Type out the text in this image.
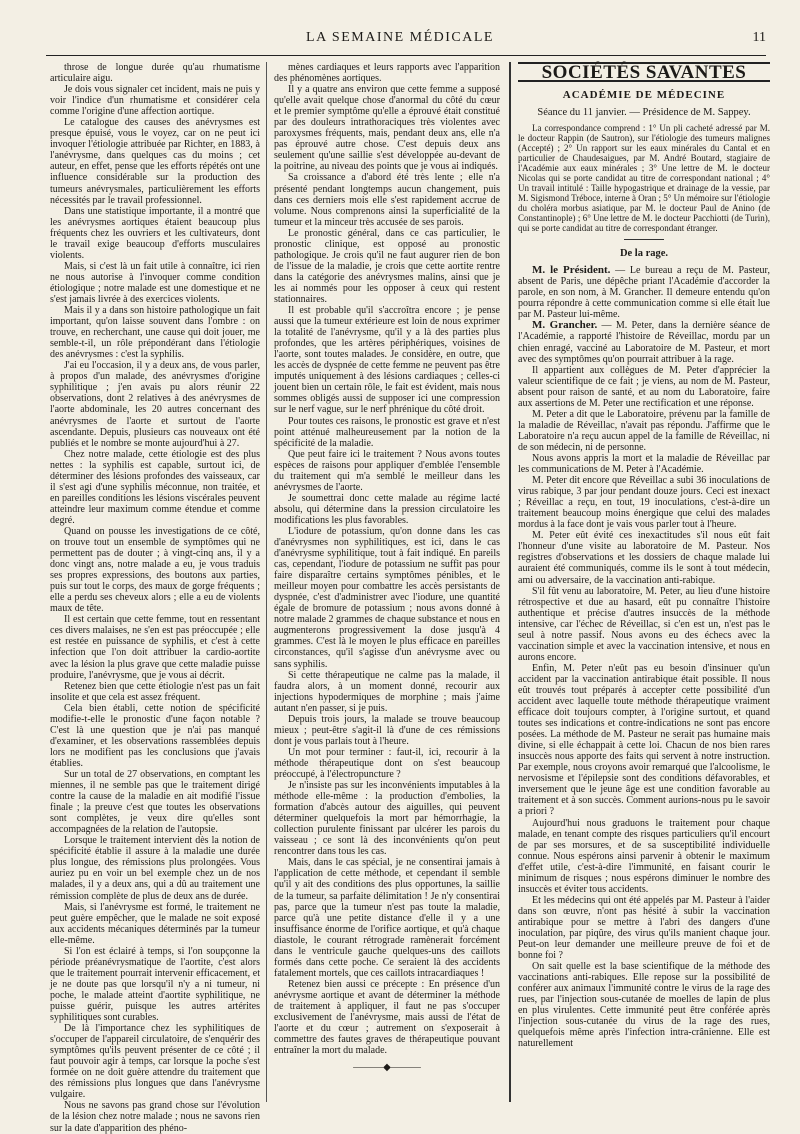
LA SEMAINE MÉDICALE	11

throse de longue durée qu'au rhumatisme articulaire aigu.

Je dois vous signaler cet incident, mais ne puis y voir l'indice d'un rhumatisme et considérer cela comme l'origine d'une affection aortique.

Le catalogue des causes des anévrysmes est presque épuisé, vous le voyez, car on ne peut ici invoquer l'étiologie attribuée par Richter, en 1883, à l'anévrysme, dans quelques cas du moins ; cet auteur, en effet, pense que les efforts répétés ont une influence considérable sur la production des tumeurs anévrysmales, particulièrement les efforts nécessités par le travail professionnel.

Dans une statistique importante, il a montré que les anévrysmes aortiques étaient beaucoup plus fréquents chez les ouvriers et les cultivateurs, dont le travail exige beaucoup d'efforts musculaires violents.

Mais, si c'est là un fait utile à connaître, ici rien ne nous autorise à l'invoquer comme condition étiologique ; notre malade est une domestique et ne s'est jamais livrée à des exercices violents.

Mais il y a dans son histoire pathologique un fait important, qu'on laisse souvent dans l'ombre : on trouve, en recherchant, une cause qui doit jouer, me semble-t-il, un rôle prépondérant dans l'étiologie des anévrysmes : c'est la syphilis.

J'ai eu l'occasion, il y a deux ans, de vous parler, à propos d'un malade, des anévrysmes d'origine syphilitique ; j'en avais pu alors réunir 22 observations, dont 2 relatives à des anévrysmes de l'aorte abdominale, les 20 autres concernant des anévrysmes de l'aorte et surtout de l'aorte ascendante. Depuis, plusieurs cas nouveaux ont été publiés et le nombre se monte aujourd'hui à 27.

Chez notre malade, cette étiologie est des plus nettes : la syphilis est capable, surtout ici, de déterminer des lésions profondes des vaisseaux, car il s'est agi d'une syphilis méconnue, non traitée, et en pareilles conditions les lésions viscérales peuvent atteindre leur maximum comme étendue et comme degré.

Quand on pousse les investigations de ce côté, on trouve tout un ensemble de symptômes qui ne permettent pas de douter ; à vingt-cinq ans, il y a donc vingt ans, notre malade a eu, je vous traduis ses propres expressions, des boutons aux parties, puis sur tout le corps, des maux de gorge fréquents ; elle a perdu ses cheveux alors ; elle a eu de violents maux de tête.

Il est certain que cette femme, tout en ressentant ces divers malaises, ne s'en est pas préoccupée ; elle est restée en puissance de syphilis, et c'est à cette infection que l'on doit attribuer la cardio-aortite avec la lésion la plus grave que cette maladie puisse produire, l'anévrysme, que je vous ai décrit.

Retenez bien que cette étiologie n'est pas un fait insolite et que cela est assez fréquent.

Cela bien établi, cette notion de spécificité modifie-t-elle le pronostic d'une façon notable ? C'est là une question que je n'ai pas manqué d'examiner, et les observations rassemblées depuis lors ne modifient pas les conclusions que j'avais établies.

Sur un total de 27 observations, en comptant les miennes, il ne semble pas que le traitement dirigé contre la cause de la maladie en ait modifié l'issue finale ; la preuve c'est que toutes les observations sont complètes, je veux dire qu'elles sont accompagnées de la relation de l'autopsie.

Lorsque le traitement intervient dès la notion de spécificité établie il assure à la maladie une durée plus longue, des rémissions plus prolongées. Vous auriez pu en voir un bel exemple chez un de nos malades, il y a deux ans, qui a dû au traitement une rémission complète de plus de deux ans de durée.

Mais, si l'anévrysme est formé, le traitement ne peut guère empêcher, que le malade ne soit exposé aux accidents mécaniques déterminés par la tumeur elle-même.

Si l'on est éclairé à temps, si l'on soupçonne la période préanévrysmatique de l'aortite, c'est alors que le traitement pourrait intervenir efficacement, et je ne doute pas que lorsqu'il n'y a ni tumeur, ni poche, le malade atteint d'aortite syphilitique, ne puisse guérir, puisque les autres artérites syphilitiques sont curables.

De là l'importance chez les syphilitiques de s'occuper de l'appareil circulatoire, de s'enquérir des symptômes qu'ils peuvent présenter de ce côté ; il faut pouvoir agir à temps, car lorsque la poche s'est formée on ne doit guère attendre du traitement que des rémissions plus longues que dans l'anévrysme vulgaire.

Nous ne savons pas grand chose sur l'évolution de la lésion chez notre malade ; nous ne savons rien sur la date d'apparition des phéno-

mènes cardiaques et leurs rapports avec l'apparition des phénomènes aortiques.

Il y a quatre ans environ que cette femme a supposé qu'elle avait quelque chose d'anormal du côté du cœur et le premier symptôme qu'elle a éprouvé était constitué par des douleurs intrathoraciques très violentes avec paroxysmes fréquents, mais, pendant deux ans, elle n'a pas éprouvé autre chose. C'est depuis deux ans seulement qu'une saillie s'est développée au-devant de la poitrine, au niveau des points que je vous ai indiqués.

Sa croissance a d'abord été très lente ; elle n'a présenté pendant longtemps aucun changement, puis dans ces derniers mois elle s'est rapidement accrue de volume. Nous comprenons ainsi la superficialité de la tumeur et la minceur très accusée de ses parois.

Le pronostic général, dans ce cas particulier, le pronostic clinique, est opposé au pronostic pathologique. Je crois qu'il ne faut augurer rien de bon de l'issue de la maladie, je crois que cette aortite rentre dans la catégorie des anévrysmes malins, ainsi que je les ai nommés pour les opposer à ceux qui restent stationnaires.

Il est probable qu'il s'accroîtra encore ; je pense aussi que la tumeur extérieure est loin de nous exprimer la totalité de l'anévrysme, qu'il y a là des parties plus profondes, que les artères périphériques, voisines de l'aorte, sont toutes malades. Je considère, en outre, que les accès de dyspnée de cette femme ne peuvent pas être imputés uniquement à des lésions cardiaques ; celles-ci jouent bien un certain rôle, le fait est évident, mais nous sommes obligés aussi de supposer ici une compression sur le nerf vague, sur le nerf phrénique du côté droit.

Pour toutes ces raisons, le pronostic est grave et n'est point atténué malheureusement par la notion de la spécificité de la maladie.

Que peut faire ici le traitement ? Nous avons toutes espèces de raisons pour appliquer d'emblée l'ensemble du traitement qui m'a semblé le meilleur dans les anévrysmes de l'aorte.

Je soumettrai donc cette malade au régime lacté absolu, qui détermine dans la pression circulatoire les modifications les plus favorables.

L'iodure de potassium, qu'on donne dans les cas d'anévrysmes non syphilitiques, est ici, dans le cas d'anévrysme syphilitique, tout à fait indiqué. En pareils cas, cependant, l'iodure de potassium ne suffit pas pour faire disparaître certains symptômes pénibles, et le meilleur moyen pour combattre les accès persistants de dyspnée, c'est d'administrer avec l'iodure, une quantité égale de bromure de potassium ; nous avons donné à notre malade 2 grammes de chaque substance et nous en augmenterons progressivement la dose jusqu'à 4 grammes. C'est là le moyen le plus efficace en pareilles circonstances, qu'il s'agisse d'un anévrysme avec ou sans syphilis.

Si cette thérapeutique ne calme pas la malade, il faudra alors, à un moment donné, recourir aux injections hypodermiques de morphine ; mais j'aime autant n'en passer, si je puis.

Depuis trois jours, la malade se trouve beaucoup mieux ; peut-être s'agit-il là d'une de ces rémissions dont je vous parlais tout à l'heure.

Un mot pour terminer : faut-il, ici, recourir à la méthode thérapeutique dont on s'est beaucoup préoccupé, à l'électropuncture ?

Je n'insiste pas sur les inconvénients imputables à la méthode elle-même : la production d'embolies, la formation d'abcès autour des aiguilles, qui peuvent déterminer quelquefois la mort par hémorrhagie, la collection purulente finissant par ulcérer les parois du vaisseau ; ce sont là des inconvénients qu'on peut rencontrer dans tous les cas.

Mais, dans le cas spécial, je ne consentirai jamais à l'application de cette méthode, et cependant il semble qu'il y ait des conditions des plus opportunes, la saillie de la tumeur, sa parfaite délimitation ! Je n'y consentirai pas, parce que la tumeur n'est pas toute la maladie, parce qu'à une petite distance d'elle il y a une insuffisance énorme de l'orifice aortique, et qu'à chaque diastole, le courant rétrograde ramènerait forcément dans le ventricule gauche quelques-uns des caillots formés dans cette poche. Ce seraient là des accidents fatalement mortels, que ces caillots intracardiaques !

Retenez bien aussi ce précepte : En présence d'un anévrysme aortique et avant de déterminer la méthode de traitement à appliquer, il faut ne pas s'occuper exclusivement de l'anévrysme, mais aussi de l'état de l'aorte et du cœur ; autrement on s'exposerait à commettre des fautes graves de thérapeutique pouvant entraîner la mort du malade.

———◆———
SOCIÉTÉS SAVANTES
ACADÉMIE DE MÉDECINE
Séance du 11 janvier. — Présidence de M. Sappey.

La correspondance comprend : 1° Un pli cacheté adressé par M. le docteur Rappin (de Sautron), sur l'étiologie des tumeurs malignes (Accepté) ; 2° Un rapport sur les eaux minérales du Cantal et en particulier de Chaudesaigues, par M. André Boutard, stagiaire de l'Académie aux eaux minérales ; 3° Une lettre de M. le docteur Nicolas qui se porte candidat au titre de correspondant national ; 4° Un travail intitulé : Taille hypogastrique et drainage de la vessie, par M. Sigismond Tréboce, interne à Oran ; 5° Un mémoire sur l'étiologie du choléra morbus asiatique, par M. le docteur Paul de Anino (de Constantinople) ; 6° Une lettre de M. le docteur Pacchiotti (de Turin), qui se porte candidat au titre de correspondant étranger.

De la rage.

M. le Président. — Le bureau a reçu de M. Pasteur, absent de Paris, une dépêche priant l'Académie d'accorder la parole, en son nom, à M. Grancher. Il demeure entendu qu'on pourra répondre à cette communication comme si elle était lue par M. Pasteur lui-même.

M. Grancher. — M. Peter, dans la dernière séance de l'Académie, a rapporté l'histoire de Réveillac, mordu par un chien enragé, vacciné au Laboratoire de M. Pasteur, et mort avec des symptômes qu'on pourrait attribuer à la rage.

Il appartient aux collègues de M. Peter d'apprécier la valeur scientifique de ce fait ; je viens, au nom de M. Pasteur, absent pour raison de santé, et au nom du Laboratoire, faire aux assertions de M. Peter une rectification et une réponse.

M. Peter a dit que le Laboratoire, prévenu par la famille de la maladie de Réveillac, n'avait pas répondu. J'affirme que le Laboratoire n'a reçu aucun appel de la famille de Réveillac, ni de son médecin, ni de personne.

Nous avons appris la mort et la maladie de Réveillac par les communications de M. Peter à l'Académie.

M. Peter dit encore que Réveillac a subi 36 inoculations de virus rabique, 3 par jour pendant douze jours. Ceci est inexact ; Réveillac a reçu, en tout, 19 inoculations, c'est-à-dire un traitement beaucoup moins énergique que celui des malades mordus à la face dont je vais vous parler tout à l'heure.

M. Peter eût évité ces inexactitudes s'il nous eût fait l'honneur d'une visite au laboratoire de M. Pasteur. Nos registres d'observations et les dossiers de chaque malade lui auraient été communiqués, comme ils le sont à tout médecin, ami ou adversaire, de la vaccination anti-rabique.

S'il fût venu au laboratoire, M. Peter, au lieu d'une histoire rétrospective et due au hasard, eût pu connaître l'histoire authentique et précise d'autres insuccès de la méthode intensive, car l'échec de Réveillac, si c'en est un, n'est pas le seul à notre passif. Nous avons eu des échecs avec la vaccination simple et avec la vaccination intensive, et nous en aurons encore.

Enfin, M. Peter n'eût pas eu besoin d'insinuer qu'un accident par la vaccination antirabique était possible. Il nous eût trouvés tout préparés à accepter cette possibilité d'un accident avec laquelle toute méthode thérapeutique vraiment efficace doit toujours compter, à l'origine surtout, et quand toutes ses indications et contre-indications ne sont pas encore posées. La méthode de M. Pasteur ne serait pas humaine mais divine, si elle échappait à cette loi. Chacun de nos bien rares insuccès nous apporte des faits qui servent à notre instruction. Par exemple, nous croyons avoir remarqué que l'alcoolisme, le nervosisme et l'épilepsie sont des conditions défavorables, et inversement que le jeune âge est une condition favorable au traitement et à son succès. Comment aurions-nous pu le savoir a priori ?

Aujourd'hui nous graduons le traitement pour chaque malade, en tenant compte des risques particuliers qu'il encourt de par ses morsures, et de sa susceptibilité individuelle connue. Nous espérons ainsi parvenir à obtenir le maximum d'effet utile, c'est-à-dire l'immunité, en faisant courir le minimum de risques ; nous espérons diminuer le nombre des insuccès et éviter tous accidents.

Et les médecins qui ont été appelés par M. Pasteur à l'aider dans son œuvre, n'ont pas hésité à subir la vaccination antirabique pour se mettre à l'abri des dangers d'une inoculation, par piqûre, des virus qu'ils manient chaque jour. Peut-on leur demander une meilleure preuve de foi et de bonne foi ?

On sait quelle est la base scientifique de la méthode des vaccinations anti-rabiques. Elle repose sur la possibilité de conférer aux animaux l'immunité contre le virus de la rage des rues, par l'injection sous-cutanée de moelles de lapin de plus en plus virulentes. Cette immunité peut être conférée après l'injection sous-cutanée du virus de la rage des rues, quelquefois même après l'infection intra-crânienne. Elle est naturellement
